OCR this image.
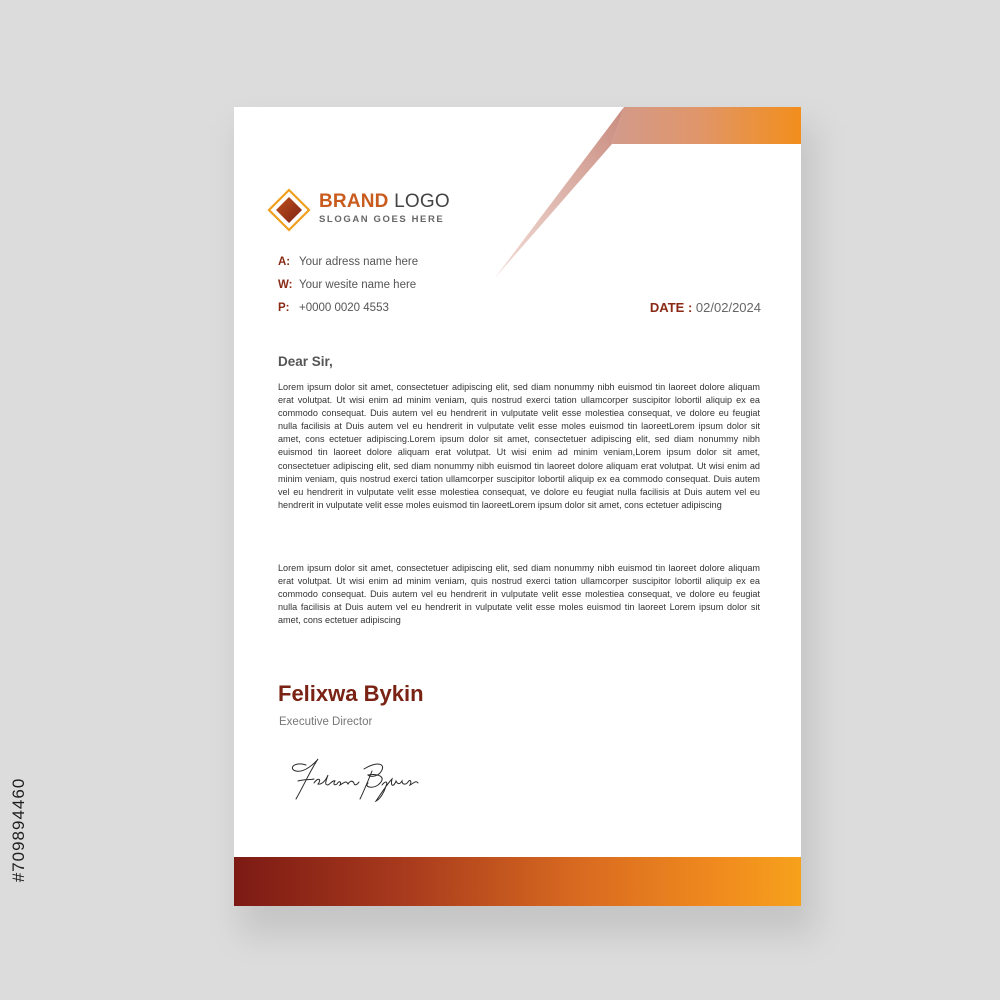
#709894460
BRAND LOGO
SLOGAN GOES HERE
A: Your adress name here
W: Your wesite name here
P: +0000 0020 4553	DATE : 02/02/2024
Dear Sir,

Lorem ipsum dolor sit amet, consectetuer adipiscing elit, sed diam nonummy nibh euismod tin laoreet dolore aliquam erat volutpat. Ut wisi enim ad minim veniam, quis nostrud exerci tation ullamcorper suscipitor lobortil aliquip ex ea commodo consequat. Duis autem vel eu hendrerit in vulputate velit esse molestiea consequat, ve dolore eu feugiat nulla facilisis at Duis autem vel eu hendrerit in vulputate velit esse moles euismod tin laoreetLorem ipsum dolor sit amet, cons ectetuer adipiscing.Lorem ipsum dolor sit amet, consectetuer adipiscing elit, sed diam nonummy nibh euismod tin laoreet dolore aliquam erat volutpat. Ut wisi enim ad minim veniam,Lorem ipsum dolor sit amet, consectetuer adipiscing elit, sed diam nonummy nibh euismod tin laoreet dolore aliquam erat volutpat. Ut wisi enim ad minim veniam, quis nostrud exerci tation ullamcorper suscipitor lobortil aliquip ex ea commodo consequat. Duis autem vel eu hendrerit in vulputate velit esse molestiea consequat, ve dolore eu feugiat nulla facilisis at Duis autem vel eu hendrerit in vulputate velit esse moles euismod tin laoreetLorem ipsum dolor sit amet, cons ectetuer adipiscing

Lorem ipsum dolor sit amet, consectetuer adipiscing elit, sed diam nonummy nibh euismod tin laoreet dolore aliquam erat volutpat. Ut wisi enim ad minim veniam, quis nostrud exerci tation ullamcorper suscipitor lobortil aliquip ex ea commodo consequat. Duis autem vel eu hendrerit in vulputate velit esse molestiea consequat, ve dolore eu feugiat nulla facilisis at Duis autem vel eu hendrerit in vulputate velit esse moles euismod tin laoreet Lorem ipsum dolor sit amet, cons ectetuer adipiscing

Felixwa Bykin
Executive Director
